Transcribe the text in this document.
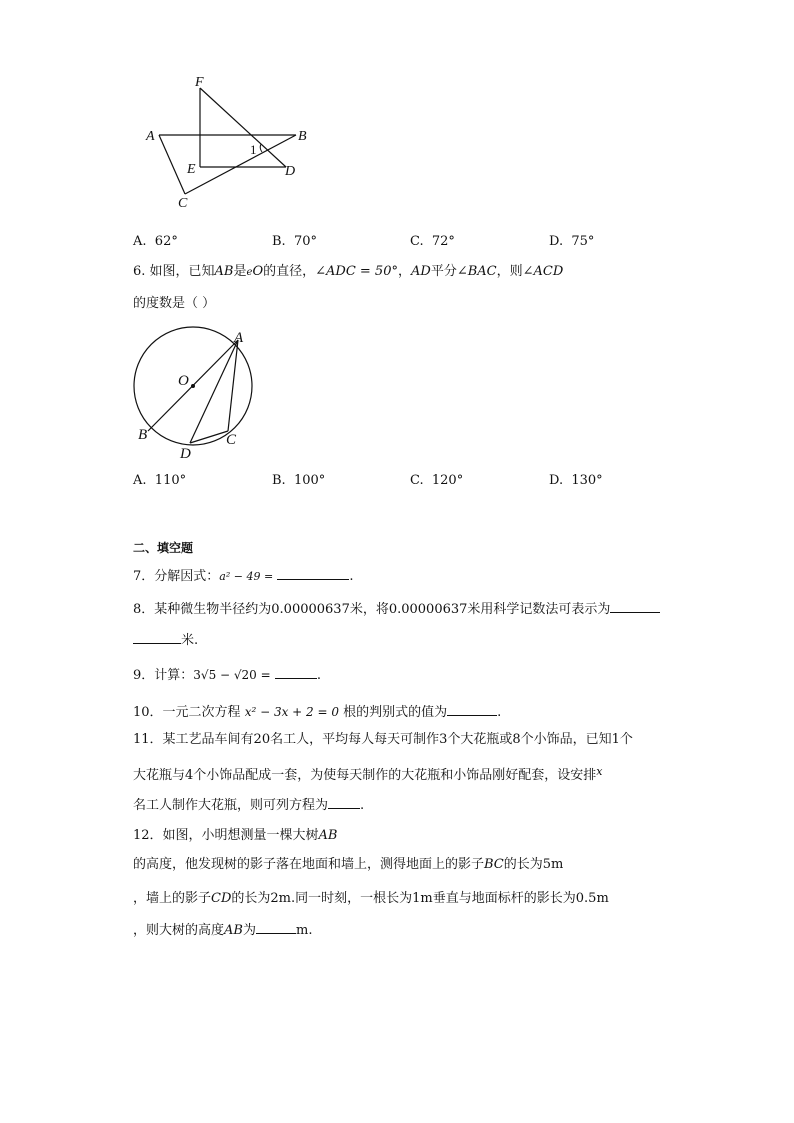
F
A	B
1
E	D
C
A. 62°	B. 70°	C. 72°	D. 75°
6. 如图，已知AB是eO的直径，∠ADC = 50°，AD平分∠BAC，则∠ACD
的度数是（ ）
A
O
B	C
D
A. 110°	B. 100°	C. 120°	D. 130°
二、填空题
7．分解因式：a² − 49 =	.
8．某种微生物半径约为0.00000637米，将0.00000637米用科学记数法可表示为
米.
9．计算：3√5 − √20 =	.
10．一元二次方程 x² − 3x + 2 = 0 根的判别式的值为	.
11．某工艺品车间有20名工人，平均每人每天可制作3个大花瓶或8个小饰品，已知1个
大花瓶与4个小饰品配成一套，为使每天制作的大花瓶和小饰品刚好配套，设安排$^x$
名工人制作大花瓶，则可列方程为 .
12．如图，小明想测量一棵大树AB
的高度，他发现树的影子落在地面和墙上，测得地面上的影子BC的长为5m
，墙上的影子CD的长为2m.同一时刻，一根长为1m垂直与地面标杆的影长为0.5m
，则大树的高度AB为	m.
